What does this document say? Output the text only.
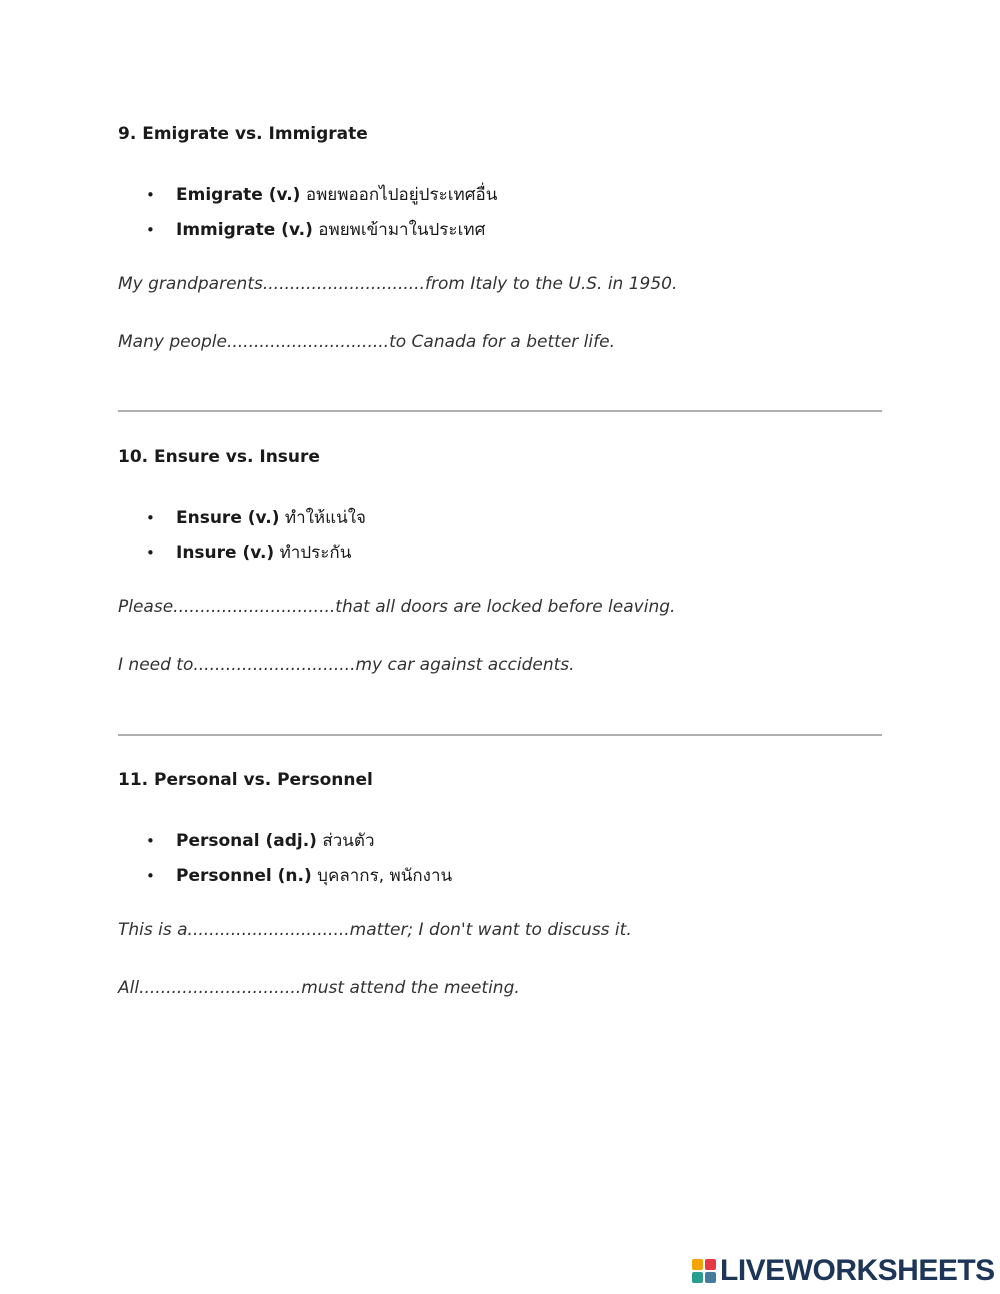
9. Emigrate vs. Immigrate
• Emigrate (v.) อพยพออกไปอยู่ประเทศอื่น
• Immigrate (v.) อพยพเข้ามาในประเทศ
My grandparents..............................from Italy to the U.S. in 1950.
Many people..............................to Canada for a better life.
10. Ensure vs. Insure
• Ensure (v.) ทำให้แน่ใจ
• Insure (v.) ทำประกัน
Please..............................that all doors are locked before leaving.
I need to..............................my car against accidents.
11. Personal vs. Personnel
• Personal (adj.) ส่วนตัว
• Personnel (n.) บุคลากร, พนักงาน
This is a..............................matter; I don't want to discuss it.
All..............................must attend the meeting.
LIVEWORKSHEETS
